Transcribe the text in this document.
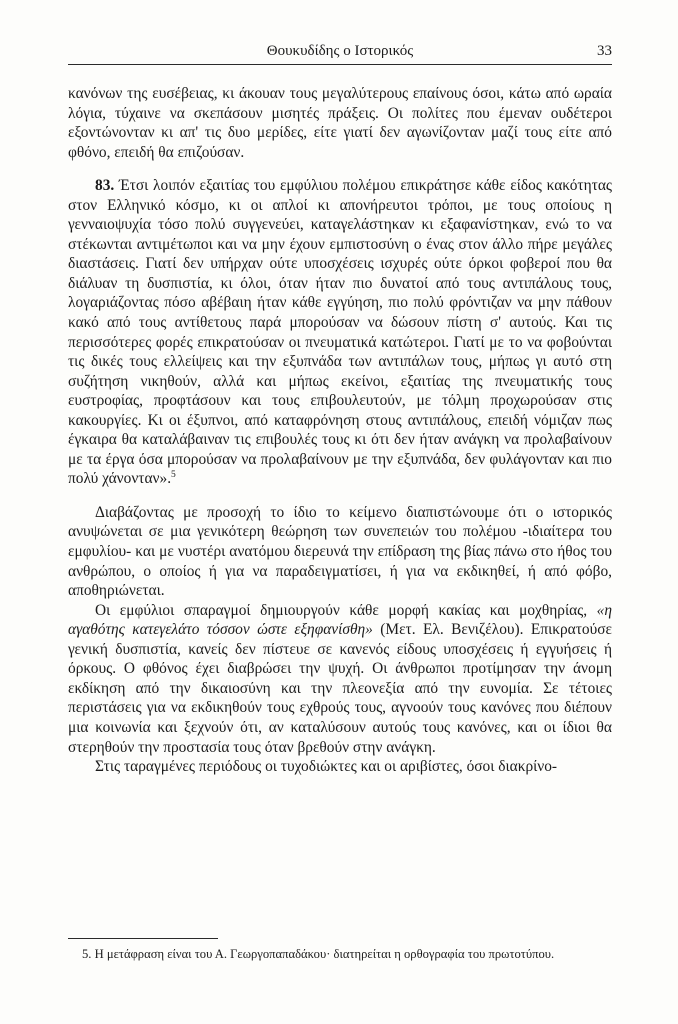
Θουκυδίδης ο Ιστορικός	33

κανόνων της ευσέβειας, κι άκουαν τους μεγαλύτερους επαίνους όσοι, κάτω από ωραία λόγια, τύχαινε να σκεπάσουν μισητές πράξεις. Οι πολίτες που έμεναν ουδέτεροι εξοντώνονταν κι απ' τις δυο μερίδες, είτε γιατί δεν αγωνίζονταν μαζί τους είτε από φθόνο, επειδή θα επιζούσαν.

83. Έτσι λοιπόν εξαιτίας του εμφύλιου πολέμου επικράτησε κάθε είδος κακότητας στον Ελληνικό κόσμο, κι οι απλοί κι απονήρευτοι τρόποι, με τους οποίους η γενναιοψυχία τόσο πολύ συγγενεύει, καταγελάστηκαν κι εξαφανίστηκαν, ενώ το να στέκωνται αντιμέτωποι και να μην έχουν εμπιστοσύνη ο ένας στον άλλο πήρε μεγάλες διαστάσεις. Γιατί δεν υπήρχαν ούτε υποσχέσεις ισχυρές ούτε όρκοι φοβεροί που θα διάλυαν τη δυσπιστία, κι όλοι, όταν ήταν πιο δυνατοί από τους αντιπάλους τους, λογαριάζοντας πόσο αβέβαιη ήταν κάθε εγγύηση, πιο πολύ φρόντιζαν να μην πάθουν κακό από τους αντίθετους παρά μπορούσαν να δώσουν πίστη σ' αυτούς. Και τις περισσότερες φορές επικρατούσαν οι πνευματικά κατώτεροι. Γιατί με το να φοβούνται τις δικές τους ελλείψεις και την εξυπνάδα των αντιπάλων τους, μήπως γι αυτό στη συζήτηση νικηθούν, αλλά και μήπως εκείνοι, εξαιτίας της πνευματικής τους ευστροφίας, προφτάσουν και τους επιβουλευτούν, με τόλμη προχωρούσαν στις κακουργίες. Κι οι έξυπνοι, από καταφρόνηση στους αντιπάλους, επειδή νόμιζαν πως έγκαιρα θα καταλάβαιναν τις επιβουλές τους κι ότι δεν ήταν ανάγκη να προλαβαίνουν με τα έργα όσα μπορούσαν να προλαβαίνουν με την εξυπνάδα, δεν φυλάγονταν και πιο πολύ χάνονταν».$^5$

Διαβάζοντας με προσοχή το ίδιο το κείμενο διαπιστώνουμε ότι ο ιστορικός ανυψώνεται σε μια γενικότερη θεώρηση των συνεπειών του πολέμου -ιδιαίτερα του εμφυλίου- και με νυστέρι ανατόμου διερευνά την επίδραση της βίας πάνω στο ήθος του ανθρώπου, ο οποίος ή για να παραδειγματίσει, ή για να εκδικηθεί, ή από φόβο, αποθηριώνεται.

Οι εμφύλιοι σπαραγμοί δημιουργούν κάθε μορφή κακίας και μοχθηρίας, «η αγαθότης κατεγελάτο τόσσον ώστε εξηφανίσθη» (Μετ. Ελ. Βενιζέλου). Επικρατούσε γενική δυσπιστία, κανείς δεν πίστευε σε κανενός είδους υποσχέσεις ή εγγυήσεις ή όρκους. Ο φθόνος έχει διαβρώσει την ψυχή. Οι άνθρωποι προτίμησαν την άνομη εκδίκηση από την δικαιοσύνη και την πλεονεξία από την ευνομία. Σε τέτοιες περιστάσεις για να εκδικηθούν τους εχθρούς τους, αγνοούν τους κανόνες που διέπουν μια κοινωνία και ξεχνούν ότι, αν καταλύσουν αυτούς τους κανόνες, και οι ίδιοι θα στερηθούν την προστασία τους όταν βρεθούν στην ανάγκη.

Στις ταραγμένες περιόδους οι τυχοδιώκτες και οι αριβίστες, όσοι διακρίνο-

5. Η μετάφραση είναι του Α. Γεωργοπαπαδάκου· διατηρείται η ορθογραφία του πρωτοτύπου.
